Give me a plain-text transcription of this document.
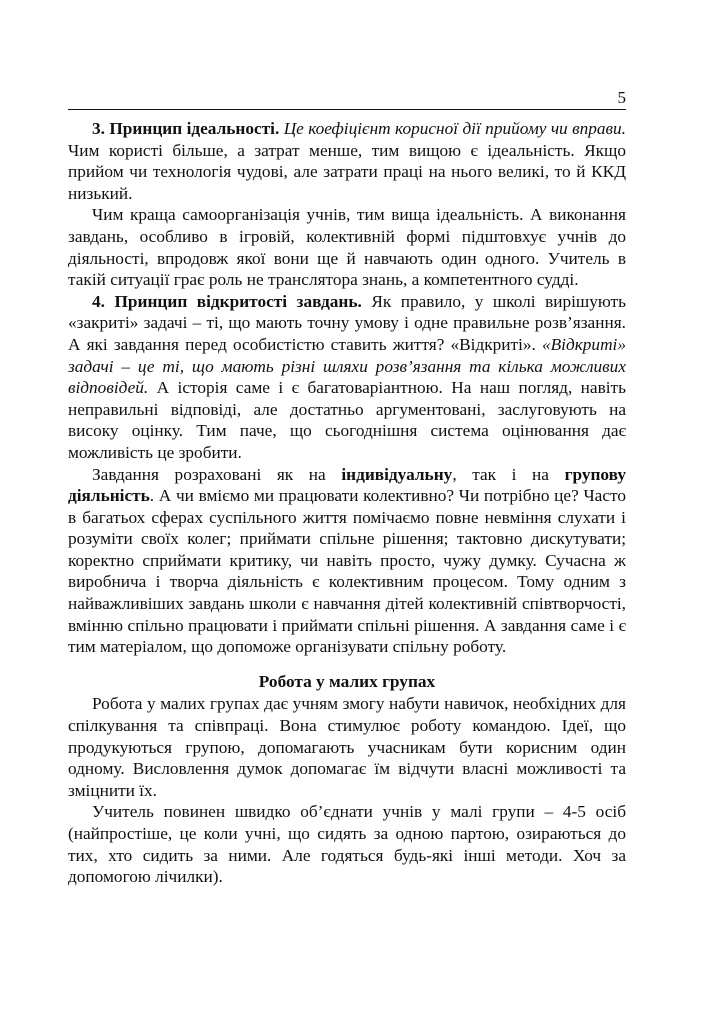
5

3. Принцип ідеальності. Це коефіцієнт корисної дії прийому чи вправи. Чим користі більше, а затрат менше, тим вищою є ідеальність. Якщо прийом чи технологія чудові, але затрати праці на нього великі, то й ККД низький.

Чим краща самоорганізація учнів, тим вища ідеальність. А виконання завдань, особливо в ігровій, колективній формі підштовхує учнів до діяльності, впродовж якої вони ще й навчають один одного. Учитель в такій ситуації грає роль не транслятора знань, а компетентного судді.

4. Принцип відкритості завдань. Як правило, у школі вирішують «закриті» задачі – ті, що мають точну умову і одне правильне розв’язання. А які завдання перед особистістю ставить життя? «Відкриті». «Відкриті» задачі – це ті, що мають різні шляхи розв’язання та кілька можливих відповідей. А історія саме і є багатоваріантною. На наш погляд, навіть неправильні відповіді, але достатньо аргументовані, заслуговують на високу оцінку. Тим паче, що сьогоднішня система оцінювання дає можливість це зробити.

Завдання розраховані як на індивідуальну, так і на групову діяльність. А чи вміємо ми працювати колективно? Чи потрібно це? Часто в багатьох сферах суспільного життя помічаємо повне невміння слухати і розуміти своїх колег; приймати спільне рішення; тактовно дискутувати; коректно сприймати критику, чи навіть просто, чужу думку. Сучасна ж виробнича і творча діяльність є колективним процесом. Тому одним з найважливіших завдань школи є навчання дітей колективній співтворчості, вмінню спільно працювати і приймати спільні рішення. А завдання саме і є тим матеріалом, що допоможе організувати спільну роботу.

Робота у малих групах

Робота у малих групах дає учням змогу набути навичок, необхідних для спілкування та співпраці. Вона стимулює роботу командою. Ідеї, що продукуються групою, допомагають учасникам бути корисним один одному. Висловлення думок допомагає їм відчути власні можливості та зміцнити їх.

Учитель повинен швидко об’єднати учнів у малі групи – 4-5 осіб (найпростіше, це коли учні, що сидять за одною партою, озираються до тих, хто сидить за ними. Але годяться будь-які інші методи. Хоч за допомогою лічилки).
